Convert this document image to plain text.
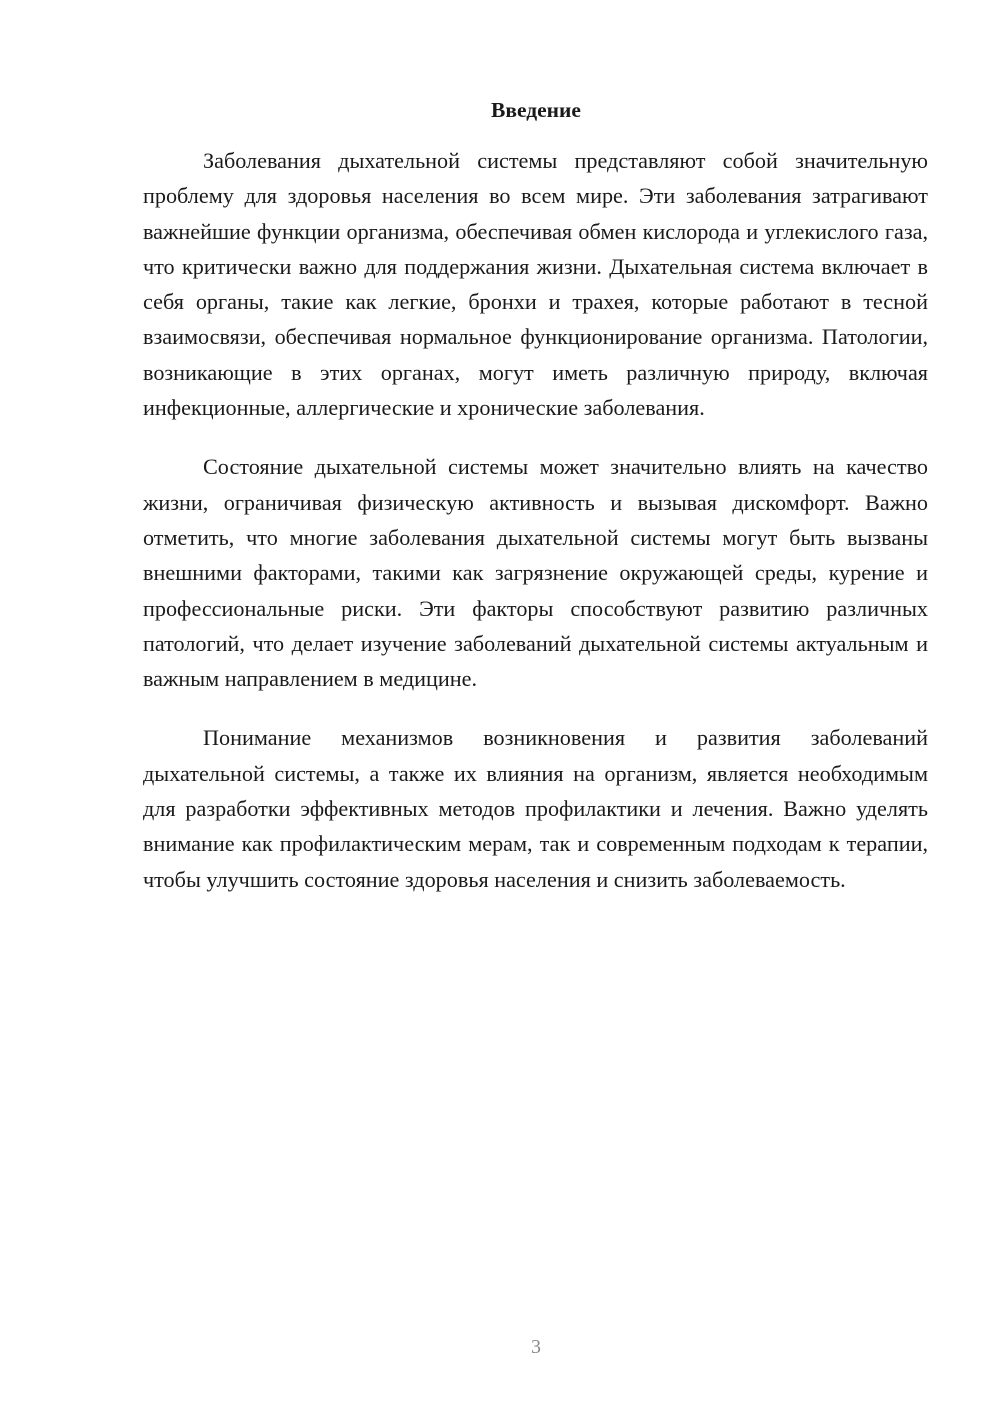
Введение

Заболевания дыхательной системы представляют собой значительную проблему для здоровья населения во всем мире. Эти заболевания затрагивают важнейшие функции организма, обеспечивая обмен кислорода и углекислого газа, что критически важно для поддержания жизни. Дыхательная система включает в себя органы, такие как легкие, бронхи и трахея, которые работают в тесной взаимосвязи, обеспечивая нормальное функционирование организма. Патологии, возникающие в этих органах, могут иметь различную природу, включая инфекционные, аллергические и хронические заболевания.

Состояние дыхательной системы может значительно влиять на качество жизни, ограничивая физическую активность и вызывая дискомфорт. Важно отметить, что многие заболевания дыхательной системы могут быть вызваны внешними факторами, такими как загрязнение окружающей среды, курение и профессиональные риски. Эти факторы способствуют развитию различных патологий, что делает изучение заболеваний дыхательной системы актуальным и важным направлением в медицине.

Понимание механизмов возникновения и развития заболеваний дыхательной системы, а также их влияния на организм, является необходимым для разработки эффективных методов профилактики и лечения. Важно уделять внимание как профилактическим мерам, так и современным подходам к терапии, чтобы улучшить состояние здоровья населения и снизить заболеваемость.

3
